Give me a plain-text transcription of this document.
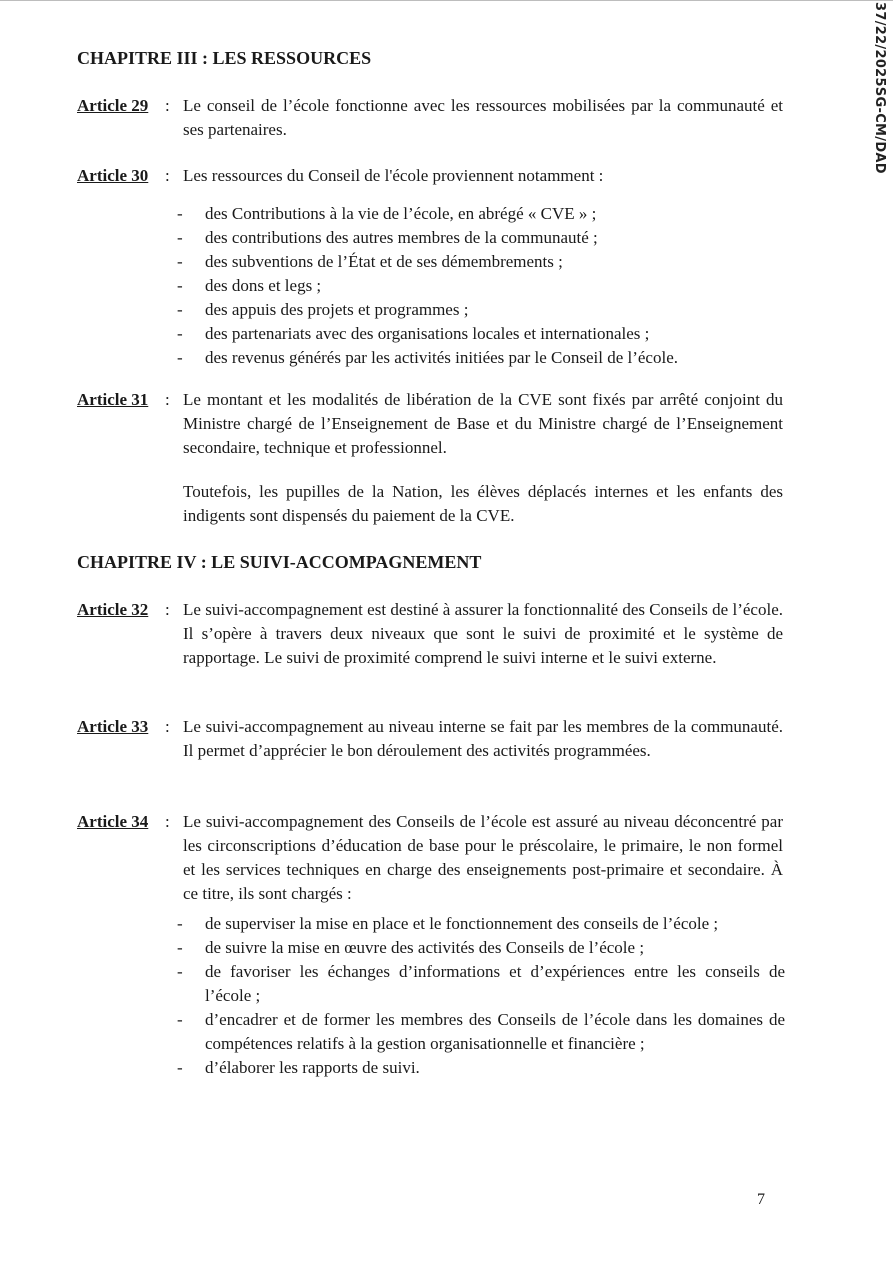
37/22/2025SG-CM/DAD
CHAPITRE III : LES RESSOURCES
Article 29 : Le conseil de l’école fonctionne avec les ressources mobilisées par la communauté et ses partenaires.

Article 30 : Les ressources du Conseil de l'école proviennent notamment :

- des Contributions à la vie de l’école, en abrégé « CVE » ;
- des contributions des autres membres de la communauté ;
- des subventions de l’État et de ses démembrements ;
- des dons et legs ;
- des appuis des projets et programmes ;
- des partenariats avec des organisations locales et internationales ;
- des revenus générés par les activités initiées par le Conseil de l’école.
Article 31 : Le montant et les modalités de libération de la CVE sont fixés par arrêté conjoint du Ministre chargé de l’Enseignement de Base et du Ministre chargé de l’Enseignement secondaire, technique et professionnel.

Toutefois, les pupilles de la Nation, les élèves déplacés internes et les enfants des indigents sont dispensés du paiement de la CVE.

CHAPITRE IV : LE SUIVI-ACCOMPAGNEMENT
Article 32 : Le suivi-accompagnement est destiné à assurer la fonctionnalité des Conseils de l’école. Il s’opère à travers deux niveaux que sont le suivi de proximité et le système de rapportage. Le suivi de proximité comprend le suivi interne et le suivi externe.

Article 33 : Le suivi-accompagnement au niveau interne se fait par les membres de la communauté. Il permet d’apprécier le bon déroulement des activités programmées.

Article 34 : Le suivi-accompagnement des Conseils de l’école est assuré au niveau déconcentré par les circonscriptions d’éducation de base pour le préscolaire, le primaire, le non formel et les services techniques en charge des enseignements post-primaire et secondaire. À ce titre, ils sont chargés :

- de superviser la mise en place et le fonctionnement des conseils de l’école ;
- de suivre la mise en œuvre des activités des Conseils de l’école ;
- de favoriser les échanges d’informations et d’expériences entre les conseils de l’école ;
- d’encadrer et de former les membres des Conseils de l’école dans les domaines de compétences relatifs à la gestion organisationnelle et financière ;
- d’élaborer les rapports de suivi.
7
